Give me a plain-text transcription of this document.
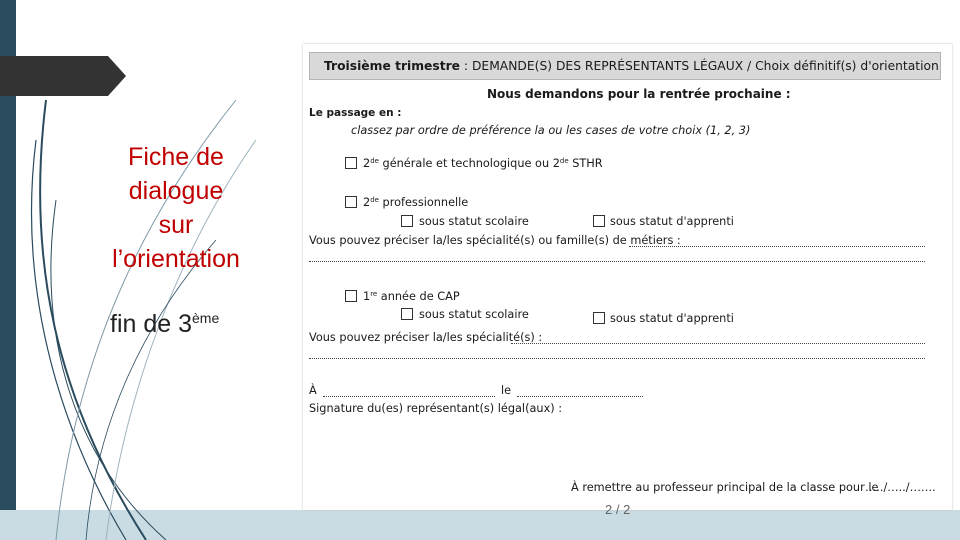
Fiche de
dialogue
sur
l’orientation
fin de 3ème
Troisième trimestre : DEMANDE(S) DES REPRÉSENTANTS LÉGAUX / Choix définitif(s) d'orientation
Nous demandons pour la rentrée prochaine :
Le passage en :
classez par ordre de préférence la ou les cases de votre choix (1, 2, 3)
2de générale et technologique ou 2de STHR
2de professionnelle
sous statut scolaire	sous statut d'apprenti
Vous pouvez préciser la/les spécialité(s) ou famille(s) de métiers :
1re année de CAP
sous statut scolaire	sous statut d'apprenti
Vous pouvez préciser la/les spécialité(s) :
À	le
Signature du(es) représentant(s) légal(aux) :
À remettre au professeur principal de la classe pour le
…../…../…….
2 / 2
